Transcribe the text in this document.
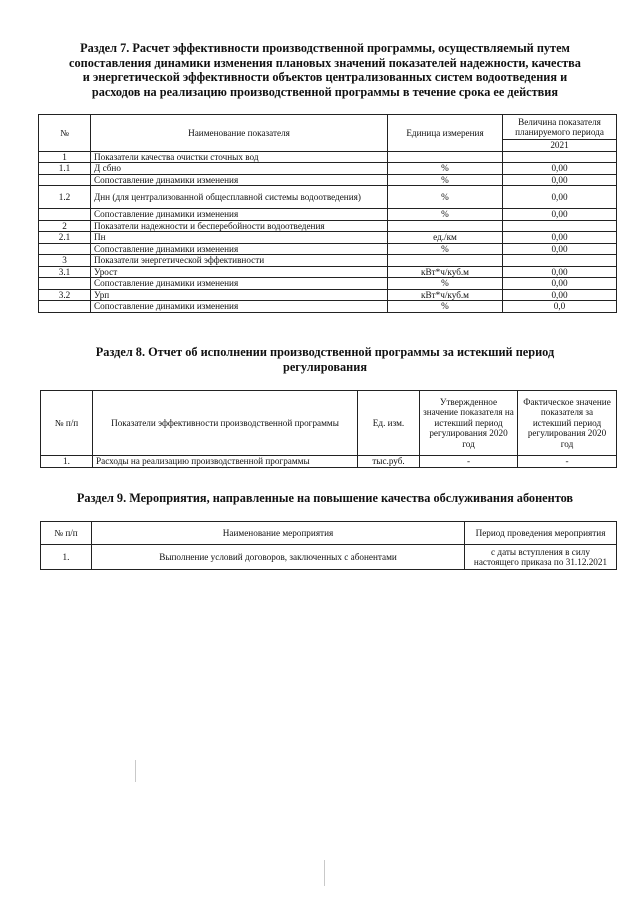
Раздел 7. Расчет эффективности производственной программы, осуществляемый путем
сопоставления динамики изменения плановых значений показателей надежности, качества
и энергетической эффективности объектов централизованных систем водоотведения и
расходов на реализацию производственной программы в течение срока ее действия
№	Наименование показателя	Единица измерения	Величина показателя планируемого периода
			2021
1	Показатели качества очистки сточных вод		
1.1	Д сбно	%	0,00
	Сопоставление динамики изменения	%	0,00
1.2	Днн (для централизованной общесплавной системы водоотведения)	%	0,00
	Сопоставление динамики изменения	%	0,00
2	Показатели надежности и бесперебойности водоотведения		
2.1	Пн	ед./км	0,00
	Сопоставление динамики изменения	%	0,00
3	Показатели энергетической эффективности		
3.1	Урост	кВт*ч/куб.м	0,00
	Сопоставление динамики изменения	%	0,00
3.2	Урп	кВт*ч/куб.м	0,00
	Сопоставление динамики изменения	%	0,0
Раздел 8. Отчет об исполнении производственной программы за истекший период
регулирования
№ п/п	Показатели эффективности производственной программы	Ед. изм.	Утвержденное значение показателя на истекший период регулирования 2020 год	Фактическое значение показателя за истекший период регулирования 2020 год
1.	Расходы на реализацию производственной программы	тыс.руб.	-	-
Раздел 9. Мероприятия, направленные на повышение качества обслуживания абонентов
№ п/п	Наименование мероприятия	Период проведения мероприятия
1.	Выполнение условий договоров, заключенных с абонентами	с даты вступления в силу настоящего приказа по 31.12.2021
